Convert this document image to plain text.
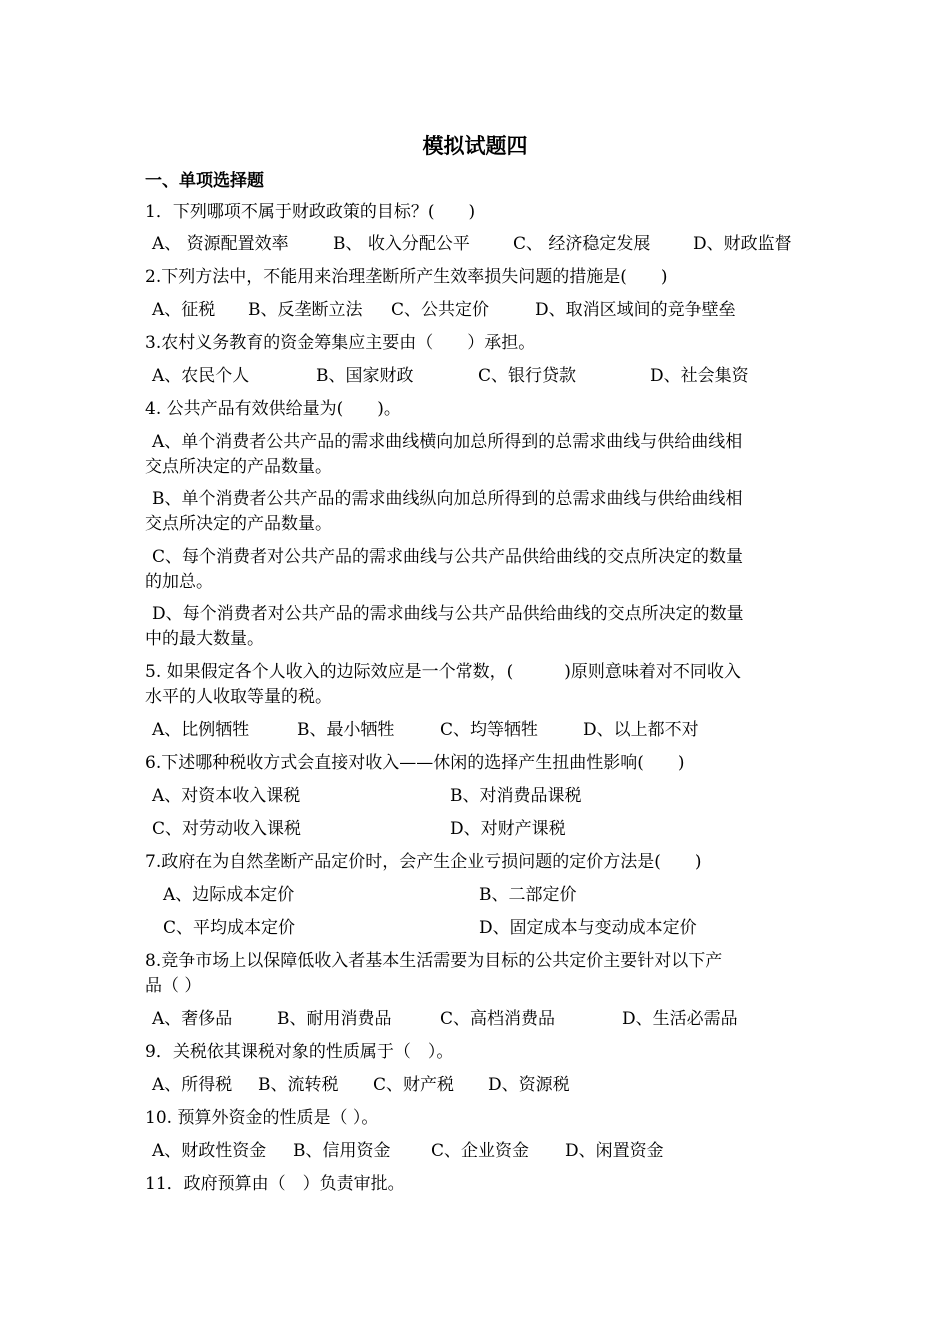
模拟试题四
一、单项选择题
1．下列哪项不属于财政政策的目标？(　　)
A、 资源配置效率	B、 收入分配公平	C、 经济稳定发展	D、财政监督
2.下列方法中，不能用来治理垄断所产生效率损失问题的措施是(　　)
A、征税 B、反垄断立法 C、公共定价	D、取消区域间的竞争壁垒
3.农村义务教育的资金筹集应主要由（　　）承担。
A、农民个人	B、国家财政	C、银行贷款	D、社会集资
4. 公共产品有效供给量为(　　)。
A、单个消费者公共产品的需求曲线横向加总所得到的总需求曲线与供给曲线相
交点所决定的产品数量。
B、单个消费者公共产品的需求曲线纵向加总所得到的总需求曲线与供给曲线相
交点所决定的产品数量。
C、每个消费者对公共产品的需求曲线与公共产品供给曲线的交点所决定的数量
的加总。
D、每个消费者对公共产品的需求曲线与公共产品供给曲线的交点所决定的数量
中的最大数量。
5. 如果假定各个人收入的边际效应是一个常数，(　　　)原则意味着对不同收入
水平的人收取等量的税。
A、比例牺牲	B、最小牺牲	C、均等牺牲	D、以上都不对
6.下述哪种税收方式会直接对收入——休闲的选择产生扭曲性影响(　　)
A、对资本收入课税	B、对消费品课税
C、对劳动收入课税	D、对财产课税
7.政府在为自然垄断产品定价时，会产生企业亏损问题的定价方法是(　　)
A、边际成本定价	B、二部定价
C、平均成本定价	D、固定成本与变动成本定价
8.竞争市场上以保障低收入者基本生活需要为目标的公共定价主要针对以下产
品（ ）
A、奢侈品	B、耐用消费品	C、高档消费品	D、生活必需品
9．关税依其课税对象的性质属于（　）。
A、所得税 B、流转税 C、财产税 D、资源税
10. 预算外资金的性质是（ ）。
A、财政性资金 B、信用资金 C、企业资金 D、闲置资金
11．政府预算由（　）负责审批。
